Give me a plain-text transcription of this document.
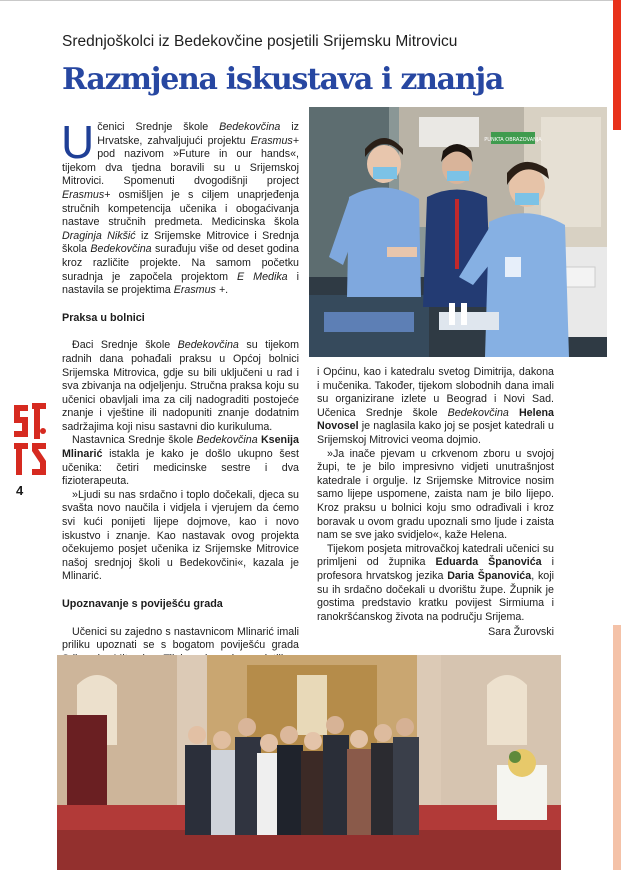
Srednjoškolci iz Bedekovčine posjetili Srijemsku Mitrovicu
Razmjena iskustava i znanja

Učenici Srednje škole Bedekovčina iz Hrvatske, zahvaljujući projektu Erasmus+ pod nazivom »Future in our hands«, tijekom dva tjedna boravili su u Srijemskoj Mitrovici. Spomenuti dvogodišnji project Erasmus+ osmišljen je s ciljem unaprjeđenja stručnih kompetencija učenika i obogaćivanja nastave stručnih predmeta. Medicinska škola Draginja Nikšić iz Srijemske Mitrovice i Srednja škola Bedekovčina surađuju više od deset godina kroz različite projekte. Na samom početku suradnja je započela projektom E Medika i nastavila se projektima Erasmus +.

Praksa u bolnici

Đaci Srednje škole Bedekovčina su tijekom radnih dana pohađali praksu u Općoj bolnici Srijemska Mitrovica, gdje su bili uključeni u rad i sva zbivanja na odjeljenju. Stručna praksa koju su učenici obavljali ima za cilj nadograditi postojeće znanje i vještine ili nadopuniti znanje dodatnim sadržajima koji nisu sastavni dio kurikuluma.

Nastavnica Srednje škole Bedekovčina Ksenija Mlinarić istakla je kako je došlo ukupno šest učenika: četiri medicinske sestre i dva fizioterapeuta.

»Ljudi su nas srdačno i toplo dočekali, djeca su svašta novo naučila i vidjela i vjerujem da ćemo svi kući ponijeti lijepe dojmove, kao i novo iskustvo i znanje. Kao nastavak ovog projekta očekujemo posjet učenika iz Srijemske Mitrovice našoj srednjoj školi u Bedekovčini«, kazala je Mlinarić.

Upoznavanje s poviješću grada

Učenici su zajedno s nastavnicom Mlinarić imali priliku upoznati se s bogatom poviješću grada

i Općinu, kao i katedralu svetog Dimitrija, dakona i mučenika. Također, tijekom slobodnih dana imali su organizirane izlete u Beograd i Novi Sad. Učenica Srednje škole Bedekovčina Helena Novosel je naglasila kako joj se posjet katedrali u Srijemskoj Mitrovici veoma dojmio.

»Ja inače pjevam u crkvenom zboru u svojoj župi, te je bilo impresivno vidjeti unutrašnjost katedrale i orgulje. Iz Srijemske Mitrovice nosim samo lijepe uspomene, zaista nam je bilo lijepo. Kroz praksu u bolnici koju smo odrađivali i kroz boravak u ovom gradu upoznali smo ljude i zaista nam se sve jako svidjelo«, kaže Helena.

Tijekom posjeta mitrovačkoj katedrali učenici su primljeni od župnika Eduarda Španovića i profesora hrvatskog jezika Daria Španovića, koji su ih srdačno dočekali u dvorištu župe. Župnik je gostima predstavio kratku povijest Sirmiuma i ranokršćanskog života na području Srijema.

Sara Žurovski

PUNKTA OBRAZOVANJA
4
